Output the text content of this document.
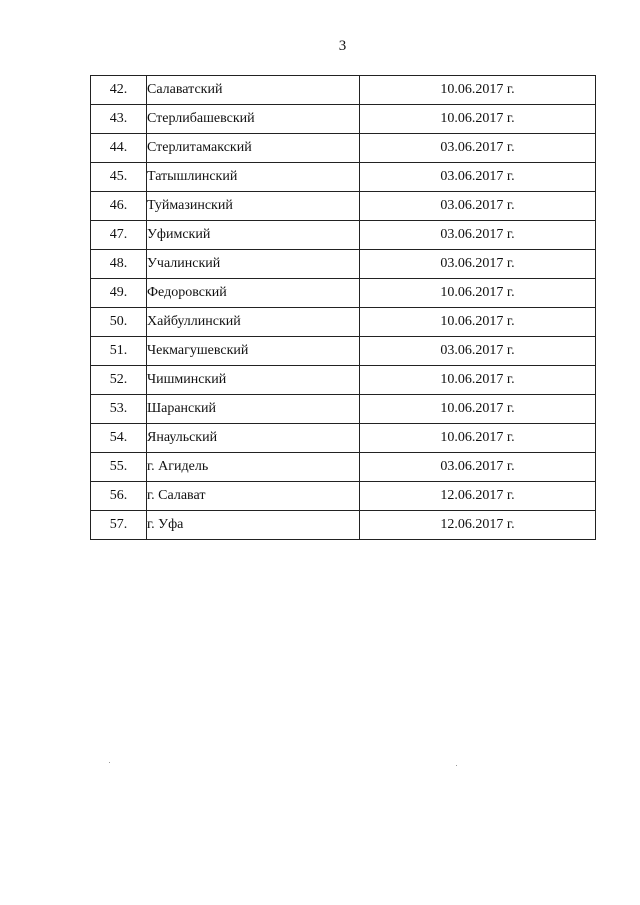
3
42.	Салаватский	10.06.2017 г.
43.	Стерлибашевский	10.06.2017 г.
44.	Стерлитамакский	03.06.2017 г.
45.	Татышлинский	03.06.2017 г.
46.	Туймазинский	03.06.2017 г.
47.	Уфимский	03.06.2017 г.
48.	Учалинский	03.06.2017 г.
49.	Федоровский	10.06.2017 г.
50.	Хайбуллинский	10.06.2017 г.
51.	Чекмагушевский	03.06.2017 г.
52.	Чишминский	10.06.2017 г.
53.	Шаранский	10.06.2017 г.
54.	Янаульский	10.06.2017 г.
55.	г. Агидель	03.06.2017 г.
56.	г. Салават	12.06.2017 г.
57.	г. Уфа	12.06.2017 г.
